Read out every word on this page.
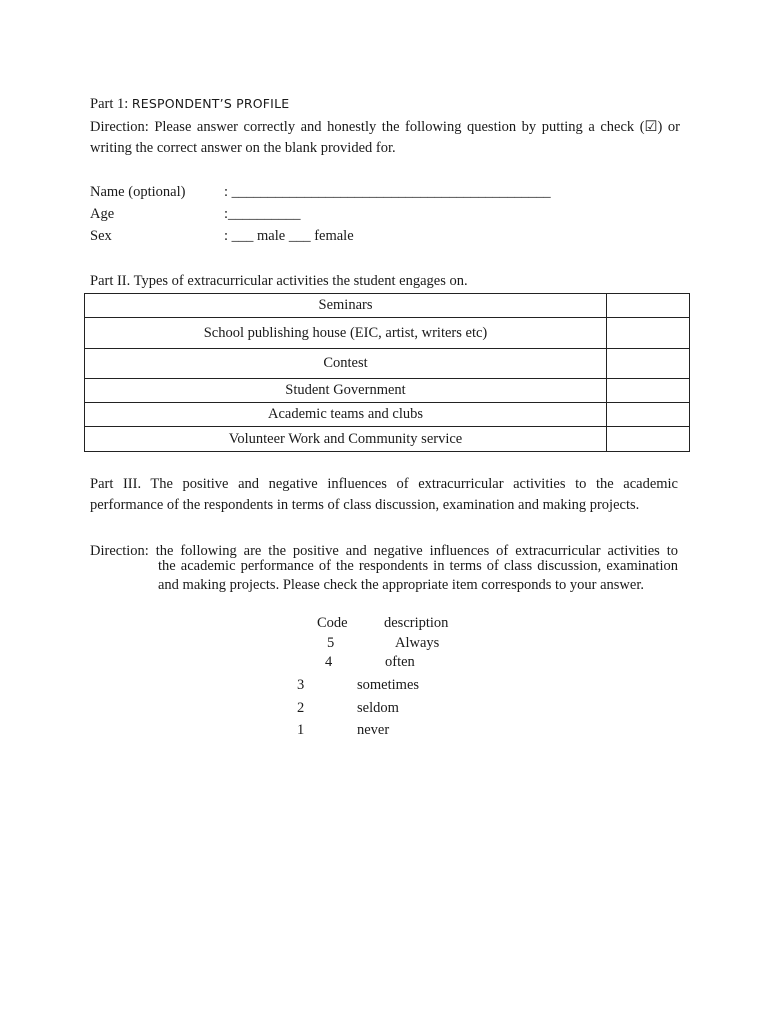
Part 1: RESPONDENT’S PROFILE
Direction: Please answer correctly and honestly the following question by putting a check (☑) or writing the correct answer on the blank provided for.
Name (optional)	: ____________________________________________
Age	:__________
Sex	: ___ male ___ female
Part II. Types of extracurricular activities the student engages on.
Seminars	
School publishing house (EIC, artist, writers etc)	
Contest	
Student Government	
Academic teams and clubs	
Volunteer Work and Community service	
Part III. The positive and negative influences of extracurricular activities to the academic performance of the respondents in terms of class discussion, examination and making projects.
Direction: the following are the positive and negative influences of extracurricular activities to
the academic performance of the respondents in terms of class discussion, examination and making projects. Please check the appropriate item corresponds to your answer.
Code	description
5	Always
4	often
3	sometimes
2	seldom
1	never
